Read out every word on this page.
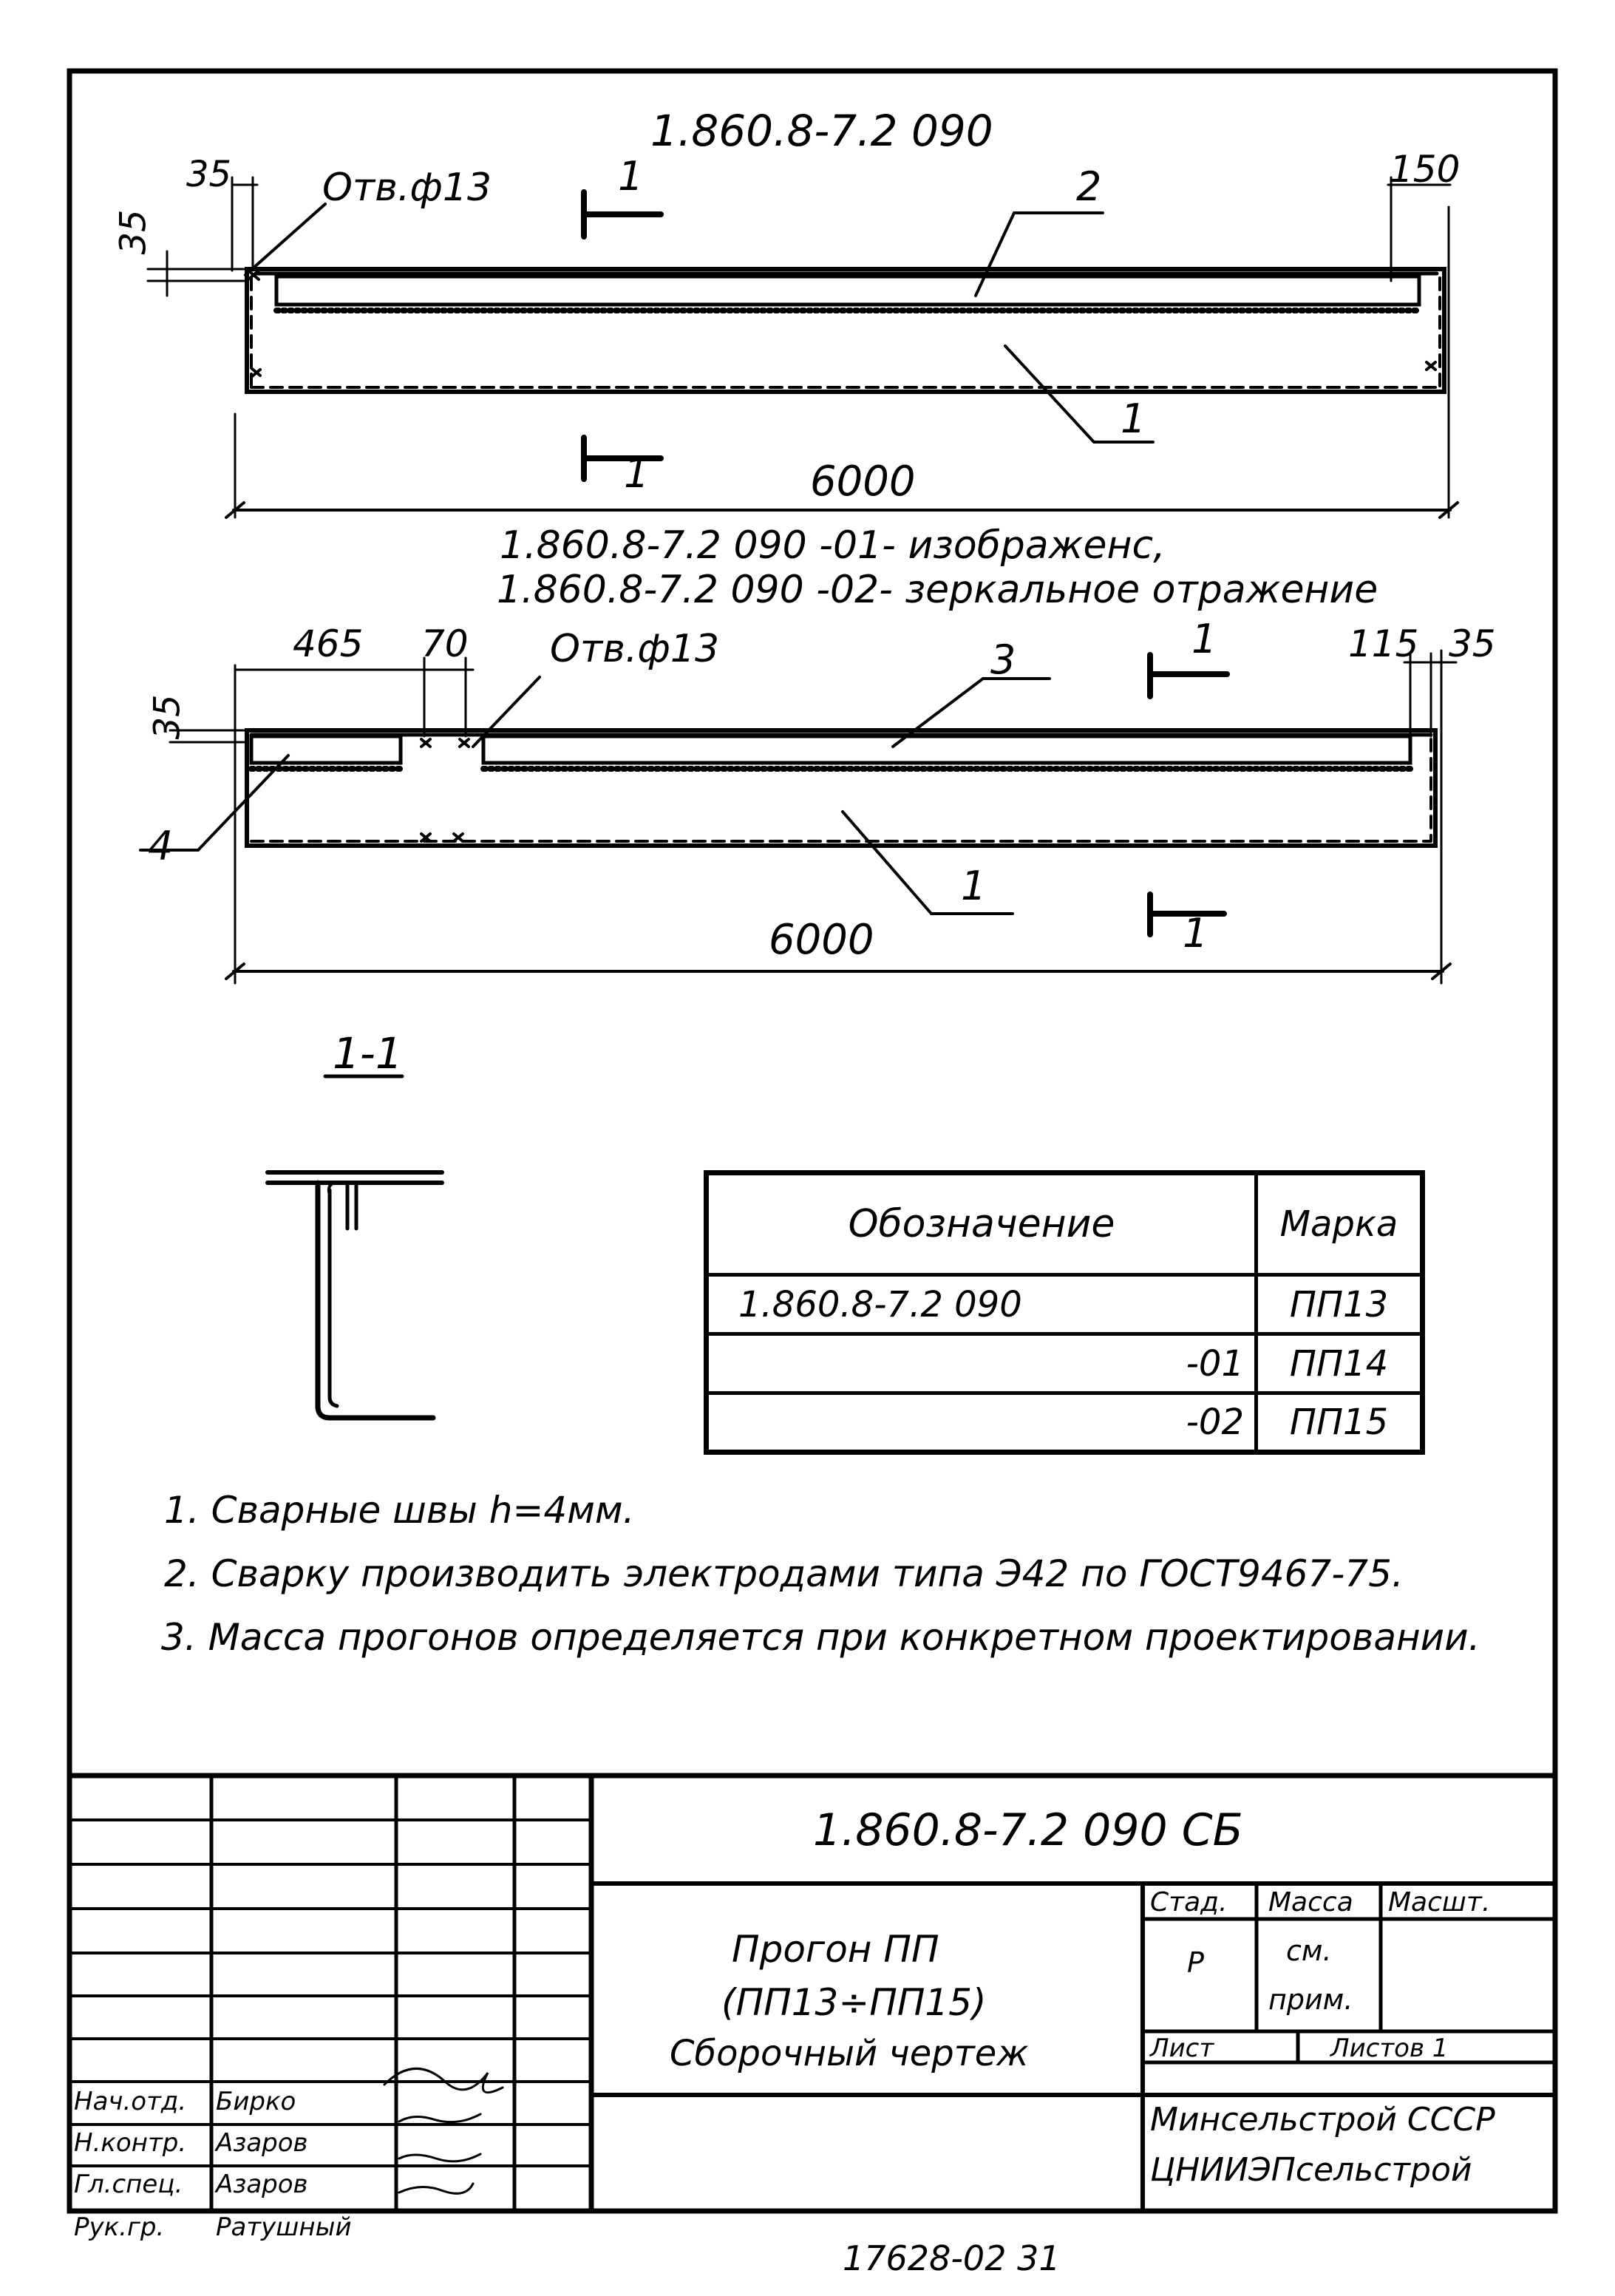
1.860.8-7.2 090
35
35
Отв.ф13	150
2
1
1
1	6000
1.860.8-7.2 090 -01- изображенс,
1.860.8-7.2 090 -02- зеркальное отражение
465 70 Отв.ф13	3	1	115 35
35
4
1
6000	1
1-1
Обозначение	Марка
1.860.8-7.2 090	ПП13
-01	ПП14
-02	ПП15
1. Сварные швы h=4мм.
2. Сварку производить электродами типа Э42 по ГОСТ9467-75.
3. Масса прогонов определяется при конкретном проектировании.
1.860.8-7.2 090 СБ
Прогон ПП
(ПП13÷ПП15)
Сборочный чертеж
Стад. Масса Масшт.
Р	см.
прим.
Лист	Листов 1
Минсельстрой СССР
ЦНИИЭПсельстрой
Нач.отд. Бирко
Н.контр. Азаров
Гл.спец. Азаров
Рук.гр. Ратушный
17628-02 31
